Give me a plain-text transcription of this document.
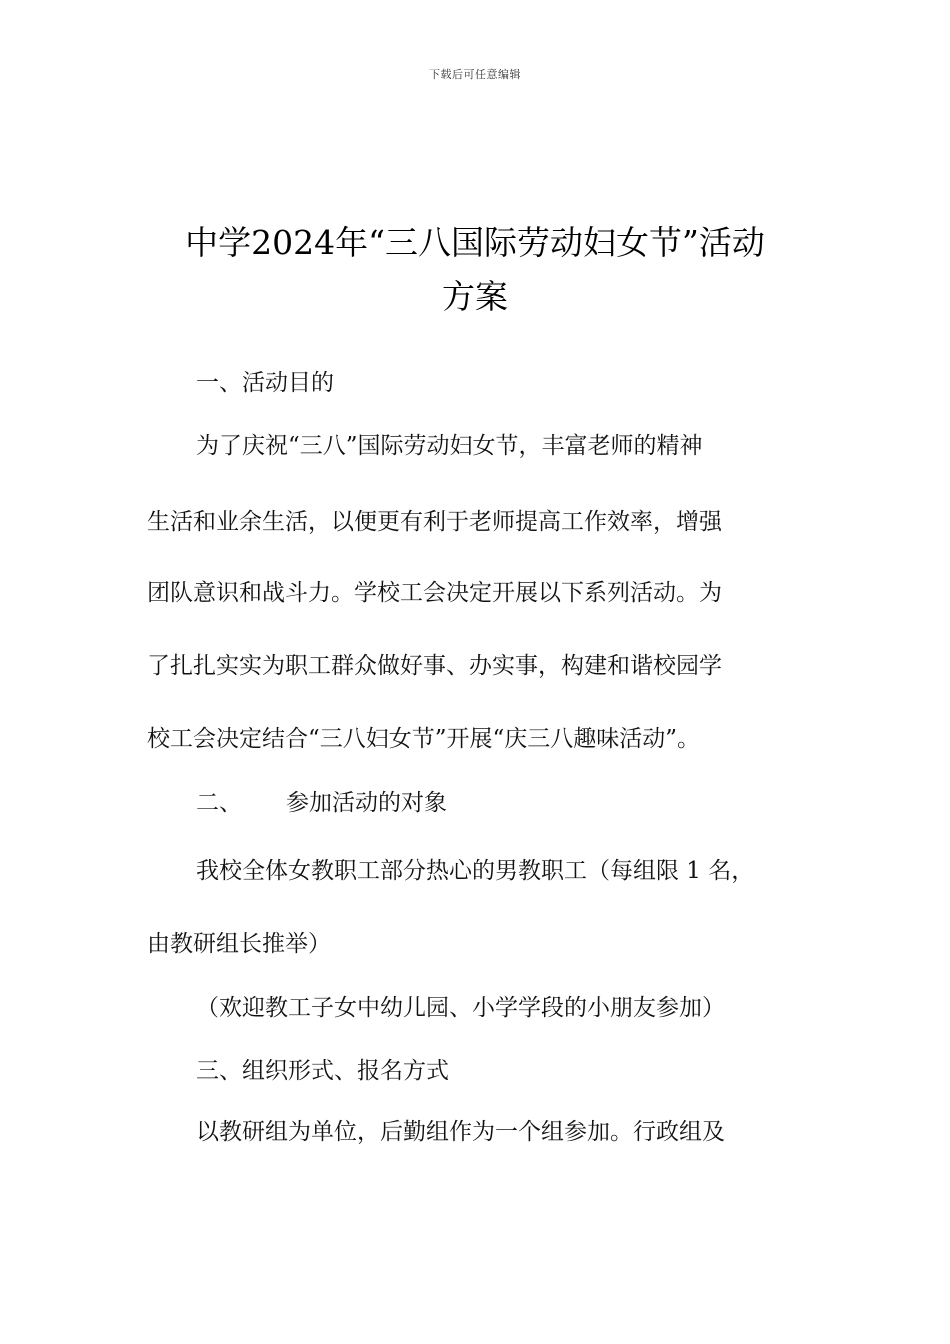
下载后可任意编辑
中学2024年“三八国际劳动妇女节”活动
方案
一、活动目的
为了庆祝“三八”国际劳动妇女节，丰富老师的精神
生活和业余生活，以便更有利于老师提高工作效率，增强
团队意识和战斗力。学校工会决定开展以下系列活动。为
了扎扎实实为职工群众做好事、办实事，构建和谐校园学
校工会决定结合“三八妇女节”开展“庆三八趣味活动”。
二、 参加活动的对象
我校全体女教职工部分热心的男教职工（每组限 1 名，
由教研组长推举）
（欢迎教工子女中幼儿园、小学学段的小朋友参加）
三、组织形式、报名方式
以教研组为单位，后勤组作为一个组参加。行政组及
